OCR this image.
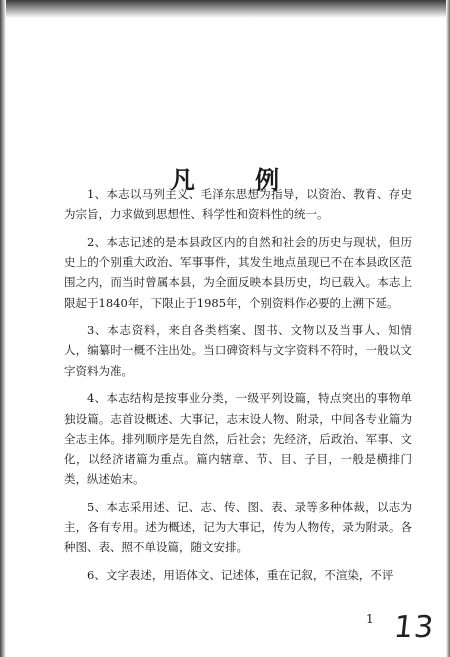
凡 例

1、本志以马列主义、毛泽东思想为指导，以资治、教育、存史为宗旨，力求做到思想性、科学性和资料性的统一。

2、本志记述的是本县政区内的自然和社会的历史与现状，但历史上的个别重大政治、军事事件，其发生地点虽现已不在本县政区范围之内，而当时曾属本县，为全面反映本县历史，均已载入。本志上限起于1840年，下限止于1985年，个别资料作必要的上溯下延。

3、本志资料，来自各类档案、图书、文物以及当事人、知情人，编纂时一概不注出处。当口碑资料与文字资料不符时，一般以文字资料为准。

4、本志结构是按事业分类，一级平列设篇，特点突出的事物单独设篇。志首设概述、大事记，志末设人物、附录，中间各专业篇为全志主体。排列顺序是先自然，后社会；先经济，后政治、军事、文化，以经济诸篇为重点。篇内辖章、节、目、子目，一般是横排门类，纵述始末。

5、本志采用述、记、志、传、图、表、录等多种体裁，以志为主，各有专用。述为概述，记为大事记，传为人物传，录为附录。各种图、表、照不单设篇，随文安排。

6、文字表述，用语体文、记述体，重在记叙，不渲染，不评

1 13
